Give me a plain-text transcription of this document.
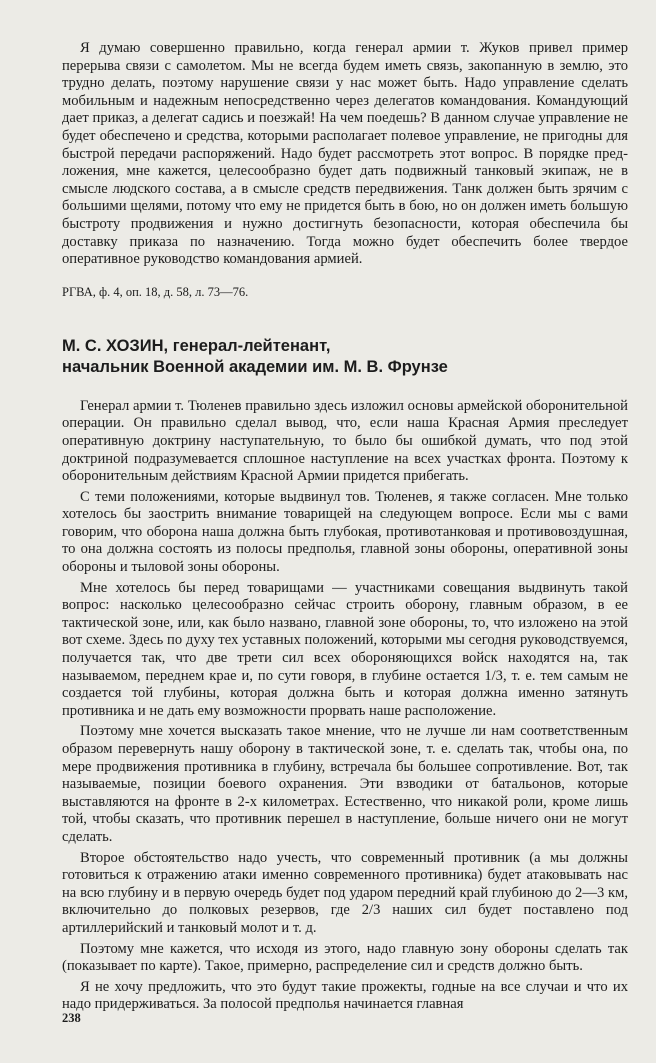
Я думаю совершенно правильно, когда генерал армии т. Жуков привел пример перерыва связи с самолетом. Мы не всегда будем иметь связь, закопанную в землю, это трудно делать, поэтому нарушение связи у нас может быть. Надо управление сделать мобильным и надежным непосредственно через делегатов командования. Командующий дает приказ, а делегат садись и поезжай! На чем поедешь? В данном случае управление не будет обеспечено и средства, которыми располагает полевое управление, не пригодны для быстрой передачи распоряжений. Надо будет рассмотреть этот вопрос. В порядке предложения, мне кажется, целесообразно будет дать подвижный танковый экипаж, не в смысле людского состава, а в смысле средств передвижения. Танк должен быть зрячим с большими щелями, потому что ему не придется быть в бою, но он должен иметь большую быстроту продвижения и нужно достигнуть безопасности, которая обеспечила бы доставку приказа по назначению. Тогда можно будет обеспечить более твердое оперативное руководство командования армией.

РГВА, ф. 4, оп. 18, д. 58, л. 73—76.

М. С. ХОЗИН, генерал-лейтенант,
начальник Военной академии им. М. В. Фрунзе

Генерал армии т. Тюленев правильно здесь изложил основы армейской оборонительной операции. Он правильно сделал вывод, что, если наша Красная Армия преследует оперативную доктрину наступательную, то было бы ошибкой думать, что под этой доктриной подразумевается сплошное наступление на всех участках фронта. Поэтому к оборонительным действиям Красной Армии придется прибегать.

С теми положениями, которые выдвинул тов. Тюленев, я также согласен. Мне только хотелось бы заострить внимание товарищей на следующем вопросе. Если мы с вами говорим, что оборона наша должна быть глубокая, противотанковая и противовоздушная, то она должна состоять из полосы предполья, главной зоны обороны, оперативной зоны обороны и тыловой зоны обороны.

Мне хотелось бы перед товарищами — участниками совещания выдвинуть такой вопрос: насколько целесообразно сейчас строить оборону, главным образом, в ее тактической зоне, или, как было названо, главной зоне обороны, то, что изложено на этой вот схеме. Здесь по духу тех уставных положений, которыми мы сегодня руководствуемся, получается так, что две трети сил всех обороняющихся войск находятся на, так называемом, переднем крае и, по сути говоря, в глубине остается 1/3, т. е. тем самым не создается той глубины, которая должна быть и которая должна именно затянуть противника и не дать ему возможности прорвать наше расположение.

Поэтому мне хочется высказать такое мнение, что не лучше ли нам соответственным образом перевернуть нашу оборону в тактической зоне, т. е. сделать так, чтобы она, по мере продвижения противника в глубину, встречала бы большее сопротивление. Вот, так называемые, позиции боевого охранения. Эти взводики от батальонов, которые выставляются на фронте в 2-х километрах. Естественно, что никакой роли, кроме лишь той, чтобы сказать, что противник перешел в наступление, больше ничего они не могут сделать.

Второе обстоятельство надо учесть, что современный противник (а мы должны готовиться к отражению атаки именно современного противника) будет атаковывать нас на всю глубину и в первую очередь будет под ударом передний край глубиною до 2—3 км, включительно до полковых резервов, где 2/3 наших сил будет поставлено под артиллерийский и танковый молот и т. д.

Поэтому мне кажется, что исходя из этого, надо главную зону обороны сделать так (показывает по карте). Такое, примерно, распределение сил и средств должно быть.

Я не хочу предложить, что это будут такие прожекты, годные на все случаи и что их надо придерживаться. За полосой предполья начинается главная

238
